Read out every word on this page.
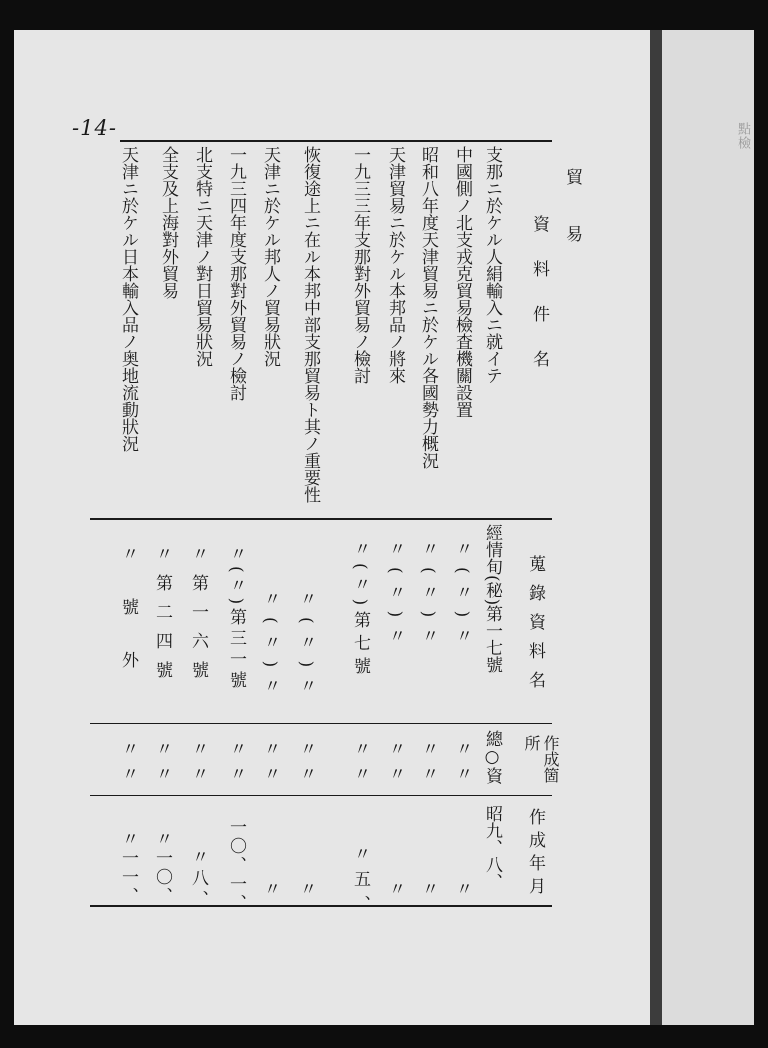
點檢
-14-
貿易
資料件名
蒐錄資料名
作成箇所
作成年月
支那ニ於ケル人絹輸入ニ就イテ
經情旬(秘)第一七號
總○資
昭九、八、
中國側ノ北支戎克貿易檢査機關設置
〃(〃)〃
〃〃
〃
昭和八年度天津貿易ニ於ケル各國勢力概況
〃(〃)〃
〃〃
〃
天津貿易ニ於ケル本邦品ノ將來
〃(〃)〃
〃〃
〃
一九三三年支那對外貿易ノ檢討
〃(〃)第七號
〃〃
〃五、
恢復途上ニ在ル本邦中部支那貿易ト其ノ重要性
〃(〃)〃
〃〃
〃
天津ニ於ケル邦人ノ貿易狀況
〃(〃)〃
〃〃
〃
一九三四年度支那對外貿易ノ檢討
〃(〃)第三一號
〃〃
一〇、一、
北支特ニ天津ノ對日貿易狀況
〃第一六號
〃〃
〃八、
全支及上海對外貿易
〃第二四號
〃〃
〃一〇、
天津ニ於ケル日本輸入品ノ奥地流動狀況
〃號外
〃〃
〃一一、
